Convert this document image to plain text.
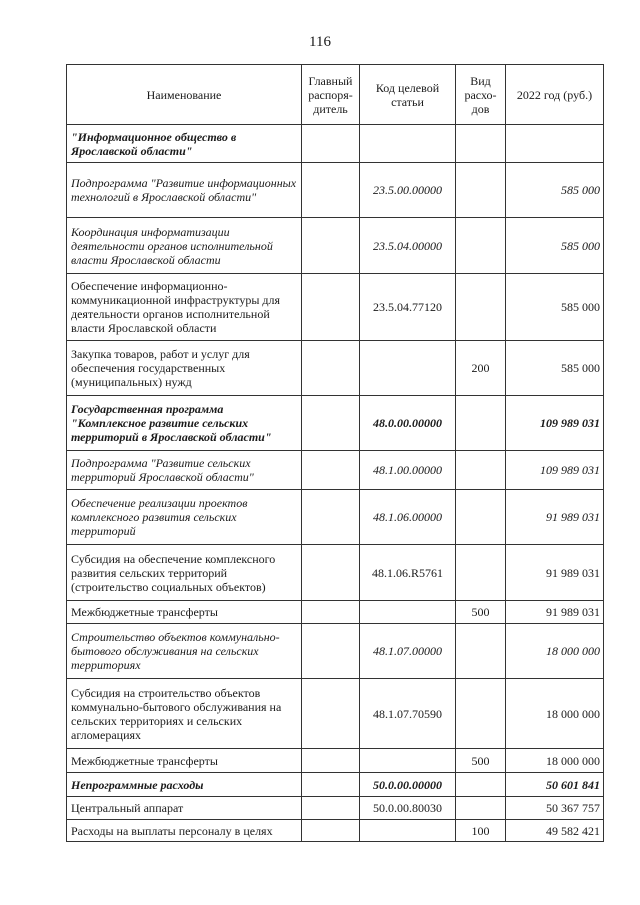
116
Наименование	Главный распоря-дитель	Код целевой статьи	Вид расхо-дов	2022 год (руб.)
"Информационное общество в Ярославской области"				
Подпрограмма "Развитие информационных технологий в Ярославской области"		23.5.00.00000		585 000
Координация информатизации деятельности органов исполнительной власти Ярославской области		23.5.04.00000		585 000
Обеспечение информационно-коммуникационной инфраструктуры для деятельности органов исполнительной власти Ярославской области		23.5.04.77120		585 000
Закупка товаров, работ и услуг для обеспечения государственных (муниципальных) нужд			200	585 000
Государственная программа "Комплексное развитие сельских территорий в Ярославской области"		48.0.00.00000		109 989 031
Подпрограмма "Развитие сельских территорий Ярославской области"		48.1.00.00000		109 989 031
Обеспечение реализации проектов комплексного развития сельских территорий		48.1.06.00000		91 989 031
Субсидия на обеспечение комплексного развития сельских территорий (строительство социальных объектов)		48.1.06.R5761		91 989 031
Межбюджетные трансферты			500	91 989 031
Строительство объектов коммунально-бытового обслуживания на сельских территориях		48.1.07.00000		18 000 000
Субсидия на строительство объектов коммунально-бытового обслуживания на сельских территориях и сельских агломерациях		48.1.07.70590		18 000 000
Межбюджетные трансферты			500	18 000 000
Непрограммные расходы		50.0.00.00000		50 601 841
Центральный аппарат		50.0.00.80030		50 367 757
Расходы на выплаты персоналу в целях			100	49 582 421
